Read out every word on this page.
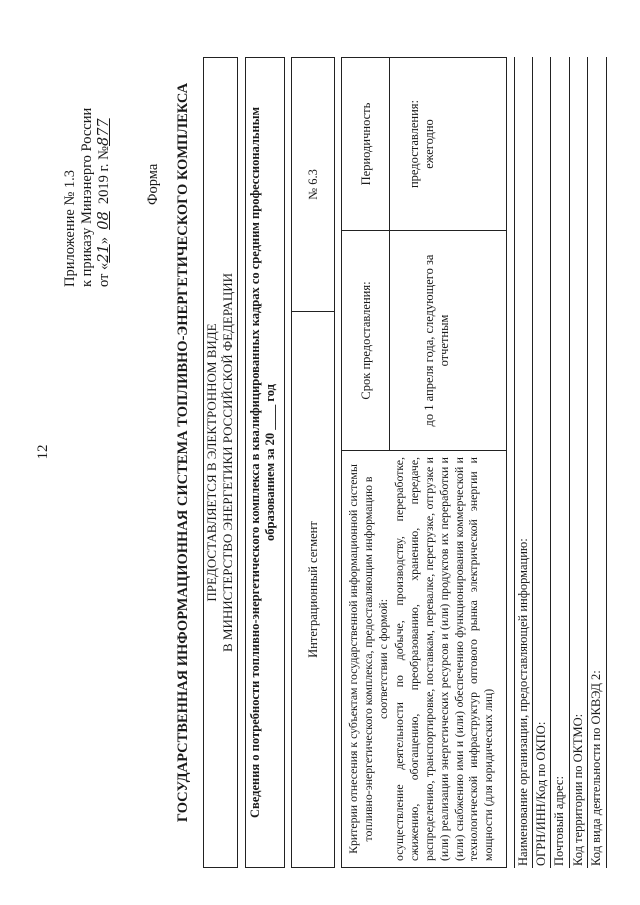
12
Приложение № 1.3 к приказу Минэнерго России от «21»  08  2019 г. №877
Форма ГОСУДАРСТВЕННАЯ ИНФОРМАЦИОННАЯ СИСТЕМА ТОПЛИВНО-ЭНЕРГЕТИЧЕСКОГО КОМПЛЕКСА ПРЕДОСТАВЛЯЕТСЯ В ЭЛЕКТРОННОМ ВИДЕ В МИНИСТЕРСТВО ЭНЕРГЕТИКИ РОССИЙСКОЙ ФЕДЕРАЦИИ Сведения о потребности топливно-энергетического комплекса в квалифицированных кадрах со средним профессиональным образованием за 20 ____ год
Интеграционный сегмент
№ 6.3
Критерии отнесения к субъектам государственной информационной системы топливно-энергетического комплекса, предоставляющим информацию в соответствии с формой: осуществление деятельности по добыче, производству, переработке, сжижению, обогащению, преобразованию, хранению, передаче, распределению, транспортировке, поставкам, перевалке, перегрузке, отгрузке и (или) реализации энергетических ресурсов и (или) продуктов их переработки и (или) снабжению ими и (или) обеспечению функционирования коммерческой и технологической инфраструктур оптового рынка электрической энергии и мощности (для юридических лиц)
Срок предоставления:	до 1 апреля года, следующего за отчетным
Периодичность предоставления: ежегодно
Наименование организации, предоставляющей информацию: ОГРН/ИНН/Код по ОКПО: Почтовый адрес: Код территории по ОКТМО: Код вида деятельности по ОКВЭД 2:
